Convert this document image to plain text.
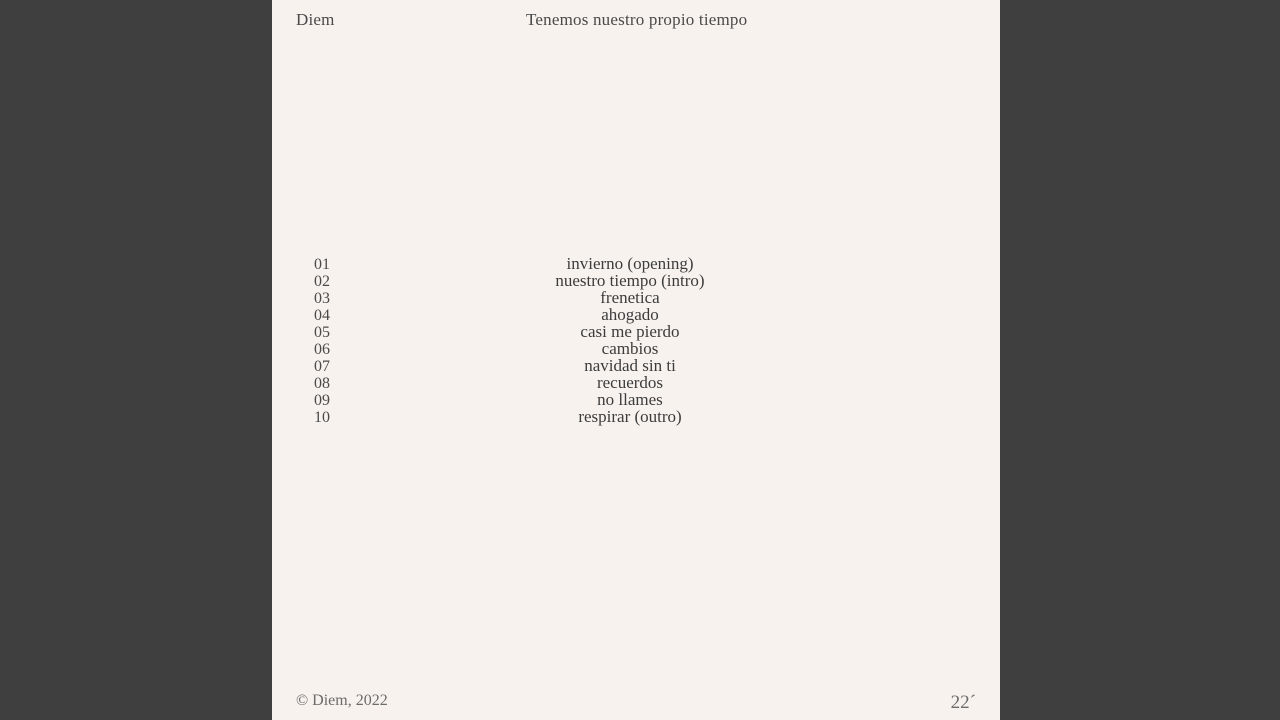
Diem	Tenemos nuestro propio tiempo
01	invierno (opening)
02	nuestro tiempo (intro)
03	frenetica
04	ahogado
05	casi me pierdo
06	cambios
07	navidad sin ti
08	recuerdos
09	no llames
10	respirar (outro)
© Diem, 2022	22´
